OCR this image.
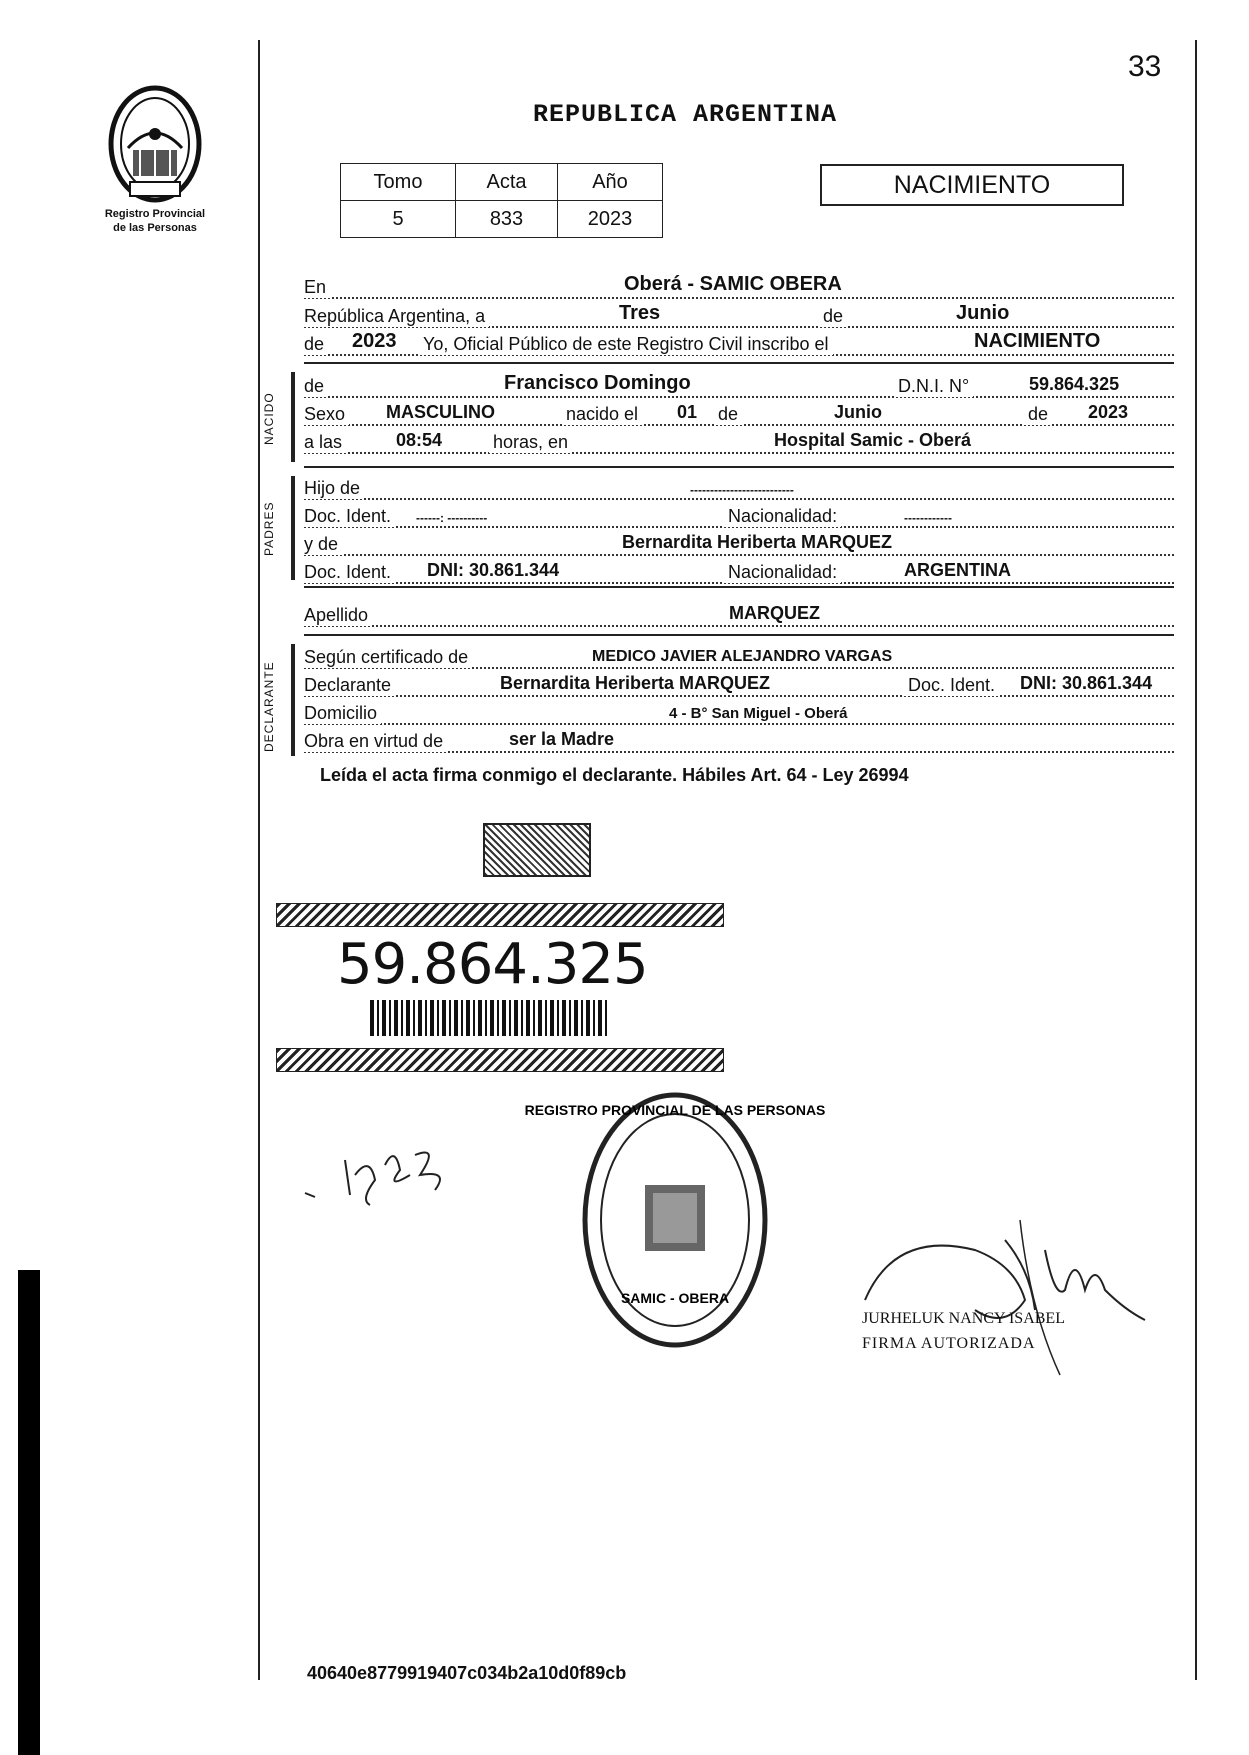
Registro Provincial
de las Personas
33
REPUBLICA ARGENTINA
Tomo	Acta	Año
5	833	2023
NACIMIENTO
En	Oberá - SAMIC OBERA
República Argentina, a	Tres	de	Junio
de 2023 Yo, Oficial Público de este Registro Civil inscribo el	NACIMIENTO
NACIDO
de	Francisco Domingo	D.N.I. N°	59.864.325
Sexo MASCULINO	nacido el 01 de	Junio	de 2023
a las	08:54	horas, en	Hospital Samic - Oberá
PADRES
Hijo de	--------------------------
Doc. Ident.	------: ----------	Nacionalidad:	------------
y de	Bernardita Heriberta MARQUEZ
Doc. Ident. DNI: 30.861.344	Nacionalidad:	ARGENTINA
Apellido	MARQUEZ
DECLARANTE
Según certificado de	MEDICO JAVIER ALEJANDRO VARGAS
Declarante	Bernardita Heriberta MARQUEZ	Doc. Ident. DNI: 30.861.344
Domicilio	4 - B° San Miguel - Oberá
Obra en virtud de	ser la Madre
Leída el acta firma conmigo el declarante. Hábiles Art. 64 - Ley 26994
59.864.325
REGISTRO PROVINCIAL DE LAS PERSONAS
SAMIC - OBERA
JURHELUK NANCY ISABEL
FIRMA AUTORIZADA
40640e8779919407c034b2a10d0f89cb
